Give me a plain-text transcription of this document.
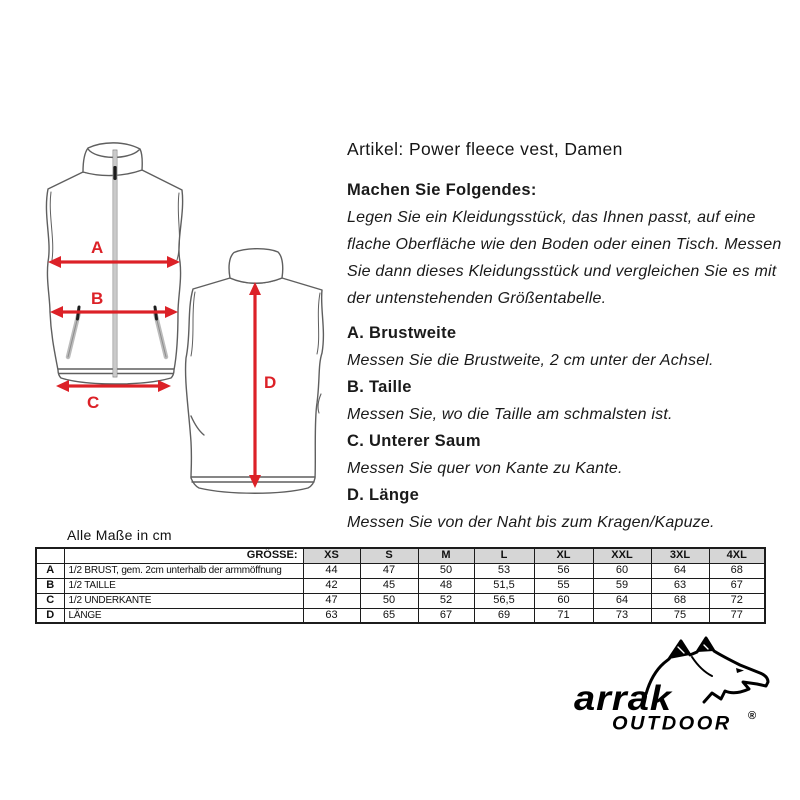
A
B
C
D
Artikel: Power fleece vest, Damen
Machen Sie Folgendes:
Legen Sie ein Kleidungsstück, das Ihnen passt, auf eine flache Oberfläche wie den Boden oder einen Tisch. Messen Sie dann dieses Kleidungsstück und vergleichen Sie es mit der untenstehenden Größentabelle.
A. Brustweite
Messen Sie die Brustweite, 2 cm unter der Achsel.
B. Taille
Messen Sie, wo die Taille am schmalsten ist.
C. Unterer Saum
Messen Sie quer von Kante zu Kante.
D. Länge
Messen Sie von der Naht bis zum Kragen/Kapuze.
Alle Maße in cm
	GRÖSSE:	XS	S	M	L	XL	XXL	3XL	4XL
A	1/2 BRUST, gem. 2cm unterhalb der armmöffnung	44	47	50	53	56	60	64	68
B	1/2 TAILLE	42	45	48	51,5	55	59	63	67
C	1/2 UNDERKANTE	47	50	52	56,5	60	64	68	72
D	LÄNGE	63	65	67	69	71	73	75	77
arrak
OUTDOOR ®
